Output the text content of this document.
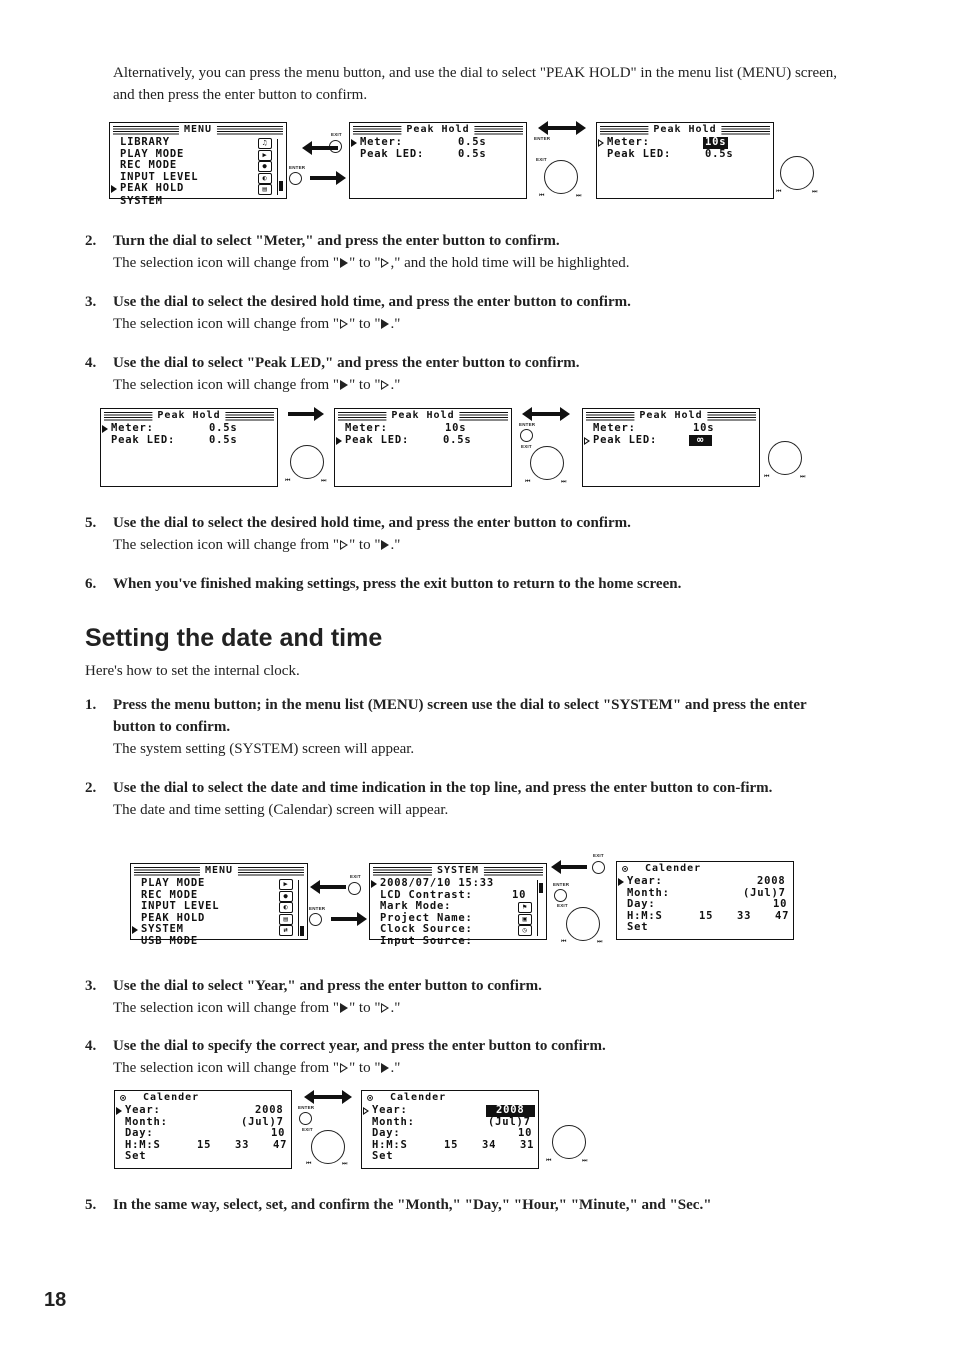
Alternatively, you can press the menu button, and use the dial to select "PEAK HOLD" in the menu list (MENU) screen, and then press the enter button to confirm.
MENU
LIBRARY	♫
PLAY MODE	▶
REC MODE	●
INPUT LEVEL	◐
PEAK HOLD	▤
SYSTEM
EXIT
ENTER
Peak Hold
Meter:	0.5s
Peak LED:	0.5s
ENTER
EXIT
⏮	⏭
Peak Hold
Meter:	10s
Peak LED:	0.5s
⏮	⏭
2. Turn the dial to select "Meter," and press the enter button to confirm.
The selection icon will change from " " to " ," and the hold time will be highlighted.
3. Use the dial to select the desired hold time, and press the enter button to confirm.
The selection icon will change from " " to " ."
4. Use the dial to select "Peak LED," and press the enter button to confirm.
The selection icon will change from " " to " ."
Peak Hold
Meter:	0.5s
Peak LED:	0.5s
⏮	⏭
Peak Hold
Meter:	10s
Peak LED:	0.5s
ENTER
EXIT
⏮	⏭
Peak Hold
Meter:	10s
Peak LED:	∞
⏮	⏭
5. Use the dial to select the desired hold time, and press the enter button to confirm.
The selection icon will change from " " to " ."
6. When you've finished making settings, press the exit button to return to the home screen.
Setting the date and time
Here's how to set the internal clock.
1. Press the menu button; in the menu list (MENU) screen use the dial to select "SYSTEM" and press the enter button to confirm.
The system setting (SYSTEM) screen will appear.
2. Use the dial to select the date and time indication in the top line, and press the enter button to con-firm.
The date and time setting (Calendar) screen will appear.
MENU
PLAY MODE	▶
REC MODE	●
INPUT LEVEL	◐
PEAK HOLD	▤
SYSTEM	⇄
USB MODE
EXIT
ENTER
SYSTEM
2008/07/10 15:33
LCD Contrast:	10
Mark Mode:	⚑
Project Name:	▣
Clock Source:	◷
Input Source:
EXIT
ENTER
EXIT
⏮	⏭
Calender
⊙
Year:	2008
Month:	(Jul)7
Day:	10
H:M:S	15 33 47
Set
3. Use the dial to select "Year," and press the enter button to confirm.
The selection icon will change from " " to " ."
4. Use the dial to specify the correct year, and press the enter button to confirm.
The selection icon will change from " " to " ."
Calender
⊙
Year:	2008
Month:	(Jul)7
Day:	10
H:M:S	15 33 47
Set
ENTER
EXIT
⏮	⏭
Calender
⊙
Year:	2008
Month:	(Jul)7
Day:	10
H:M:S	15 34 31
Set	⏮	⏭
5. In the same way, select, set, and confirm the "Month," "Day," "Hour," "Minute," and "Sec."
18
